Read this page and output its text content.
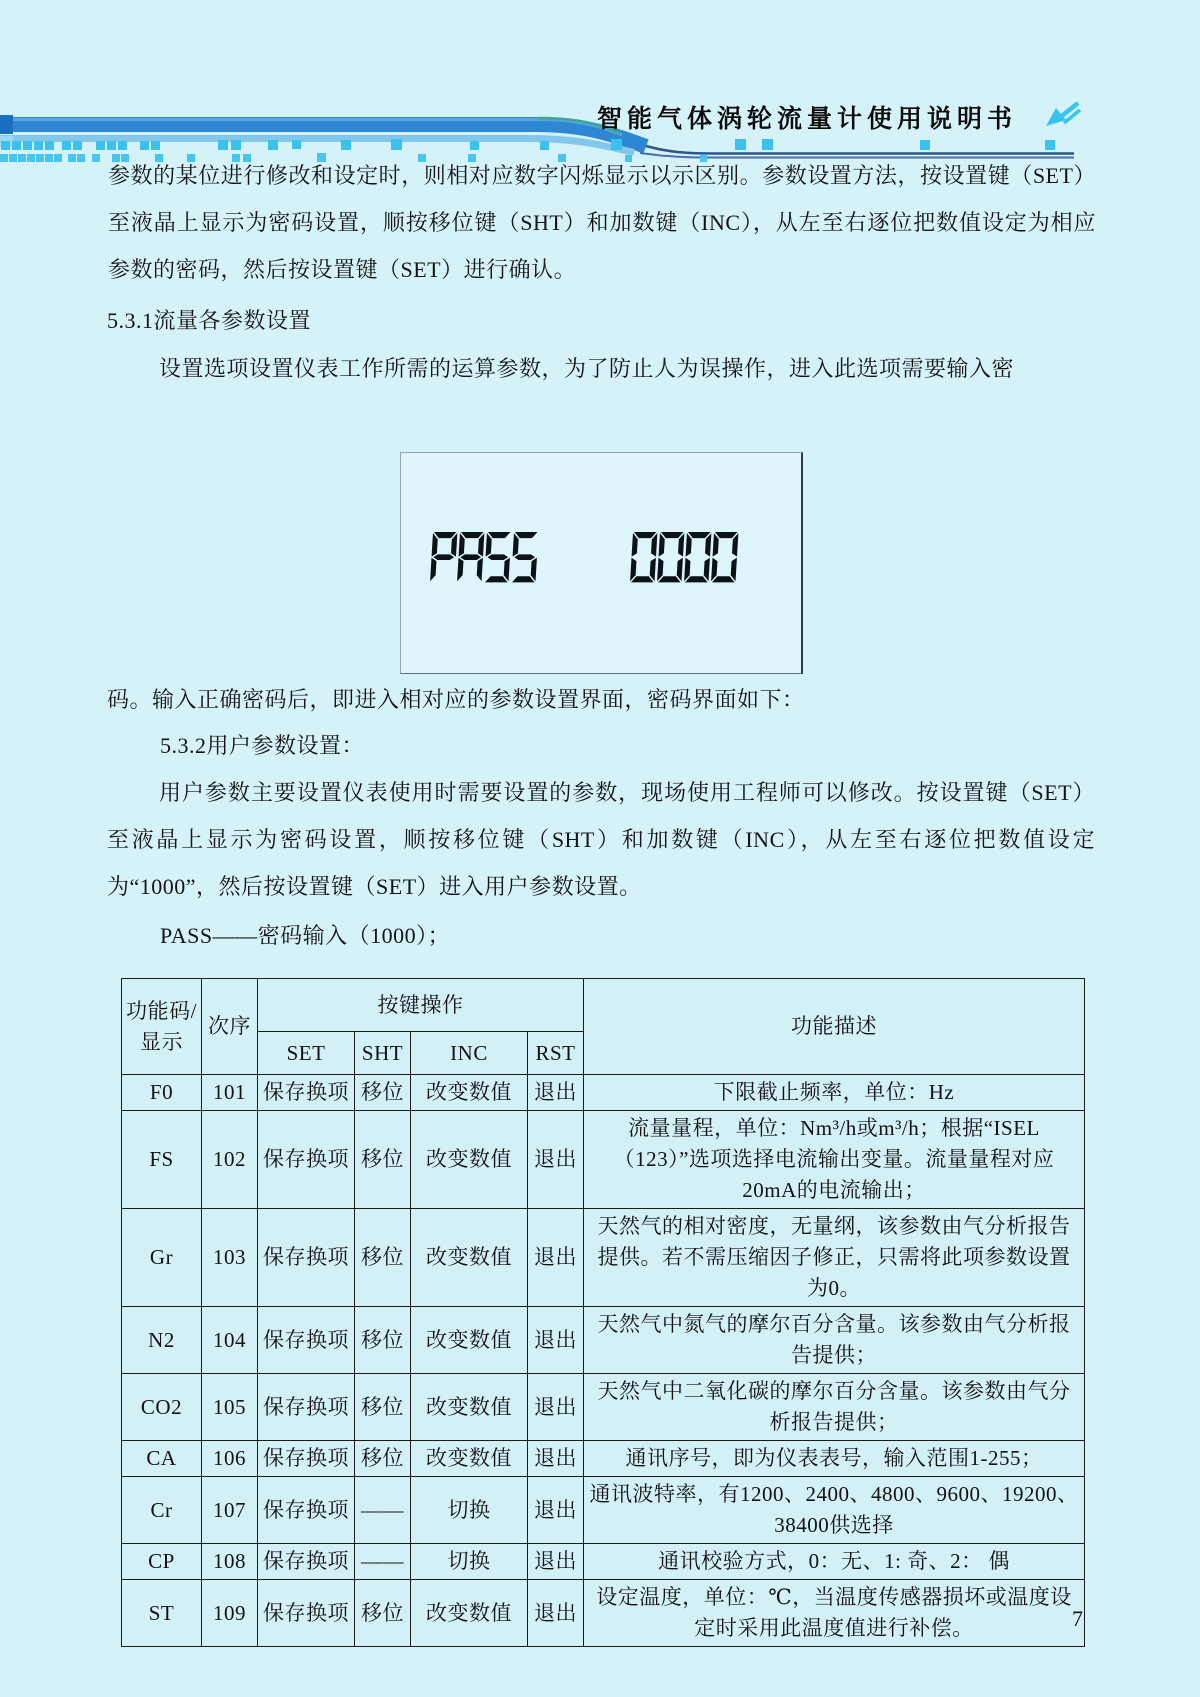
智能气体涡轮流量计使用说明书
参数的某位进行修改和设定时，则相对应数字闪烁显示以示区别。参数设置方法，按设置键（SET）至液晶上显示为密码设置，顺按移位键（SHT）和加数键（INC），从左至右逐位把数值设定为相应参数的密码，然后按设置键（SET）进行确认。
5.3.1流量各参数设置
设置选项设置仪表工作所需的运算参数，为了防止人为误操作，进入此选项需要输入密
码。输入正确密码后，即进入相对应的参数设置界面，密码界面如下：
5.3.2用户参数设置：
用户参数主要设置仪表使用时需要设置的参数，现场使用工程师可以修改。按设置键（SET）至液晶上显示为密码设置，顺按移位键（SHT）和加数键（INC），从左至右逐位把数值设定为“1000”，然后按设置键（SET）进入用户参数设置。
PASS——密码输入（1000）；
功能码/
显示	次序	按键操作				功能描述
		SET	SHT	INC	RST	
F0	101	保存换项	移位	改变数值	退出	下限截止频率，单位：Hz
FS	102	保存换项	移位	改变数值	退出	流量量程，单位：Nm³/h或m³/h；根据“ISEL（123）”选项选择电流输出变量。流量量程对应20mA的电流输出；
Gr	103	保存换项	移位	改变数值	退出	天然气的相对密度，无量纲，该参数由气分析报告提供。若不需压缩因子修正，只需将此项参数设置为0。
N2	104	保存换项	移位	改变数值	退出	天然气中氮气的摩尔百分含量。该参数由气分析报告提供；
CO2	105	保存换项	移位	改变数值	退出	天然气中二氧化碳的摩尔百分含量。该参数由气分析报告提供；
CA	106	保存换项	移位	改变数值	退出	通讯序号，即为仪表表号，输入范围1-255；
Cr	107	保存换项	——	切换	退出	通讯波特率，有1200、2400、4800、9600、19200、38400供选择
CP	108	保存换项	——	切换	退出	通讯校验方式，0：无、1: 奇、2： 偶
ST	109	保存换项	移位	改变数值	退出	设定温度，单位：℃，当温度传感器损坏或温度设定时采用此温度值进行补偿。	7
